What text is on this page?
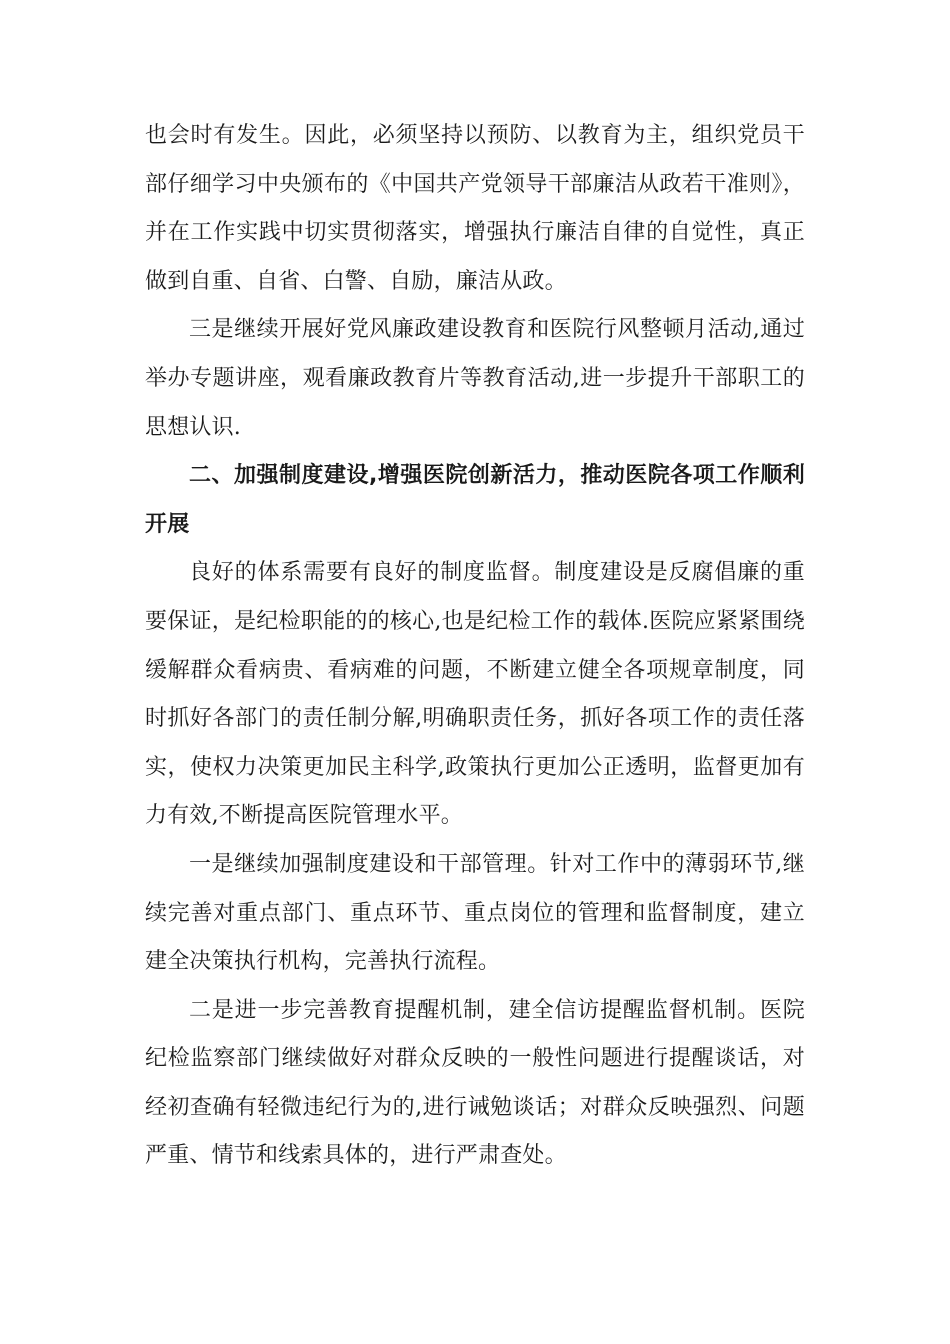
也会时有发生。因此，必须坚持以预防、以教育为主，组织党员干部仔细学习中央颁布的《中国共产党领导干部廉洁从政若干准则》，并在工作实践中切实贯彻落实，增强执行廉洁自律的自觉性，真正做到自重、自省、白警、自励，廉洁从政。

三是继续开展好党风廉政建设教育和医院行风整顿月活动,通过举办专题讲座，观看廉政教育片等教育活动,进一步提升干部职工的思想认识.

二、加强制度建设,增强医院创新活力，推动医院各项工作顺利开展

良好的体系需要有良好的制度监督。制度建设是反腐倡廉的重要保证，是纪检职能的的核心,也是纪检工作的载体.医院应紧紧围绕缓解群众看病贵、看病难的问题，不断建立健全各项规章制度，同时抓好各部门的责任制分解,明确职责任务，抓好各项工作的责任落实，使权力决策更加民主科学,政策执行更加公正透明，监督更加有力有效,不断提高医院管理水平。

一是继续加强制度建设和干部管理。针对工作中的薄弱环节,继续完善对重点部门、重点环节、重点岗位的管理和监督制度，建立建全决策执行机构，完善执行流程。

二是进一步完善教育提醒机制，建全信访提醒监督机制。医院纪检监察部门继续做好对群众反映的一般性问题进行提醒谈话，对经初查确有轻微违纪行为的,进行诫勉谈话；对群众反映强烈、问题严重、情节和线索具体的，进行严肃查处。
